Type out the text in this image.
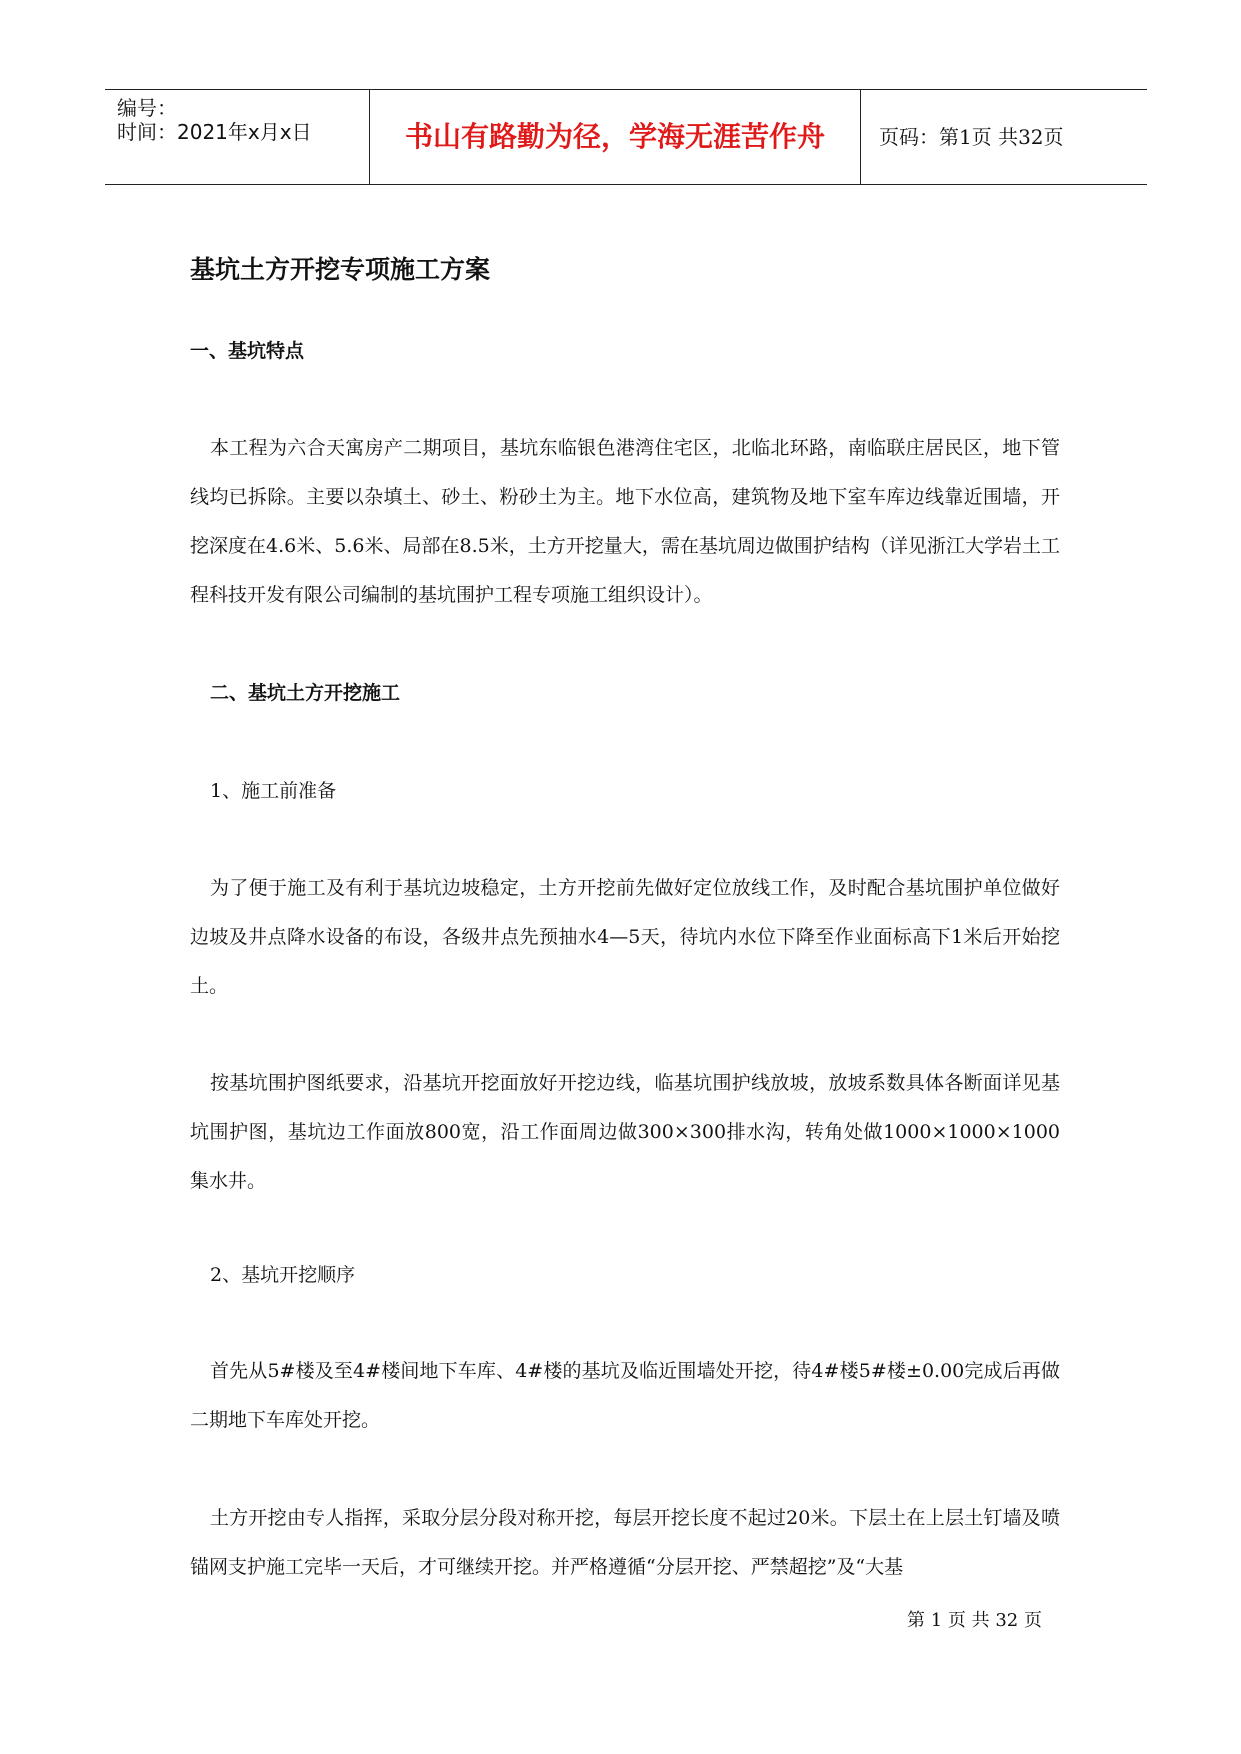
编号：
时间：2021年x月x日	书山有路勤为径，学海无涯苦作舟	页码：第1页 共32页
基坑土方开挖专项施工方案
一、基坑特点

本工程为六合天寓房产二期项目，基坑东临银色港湾住宅区，北临北环路，南临联庄居民区，地下管线均已拆除。主要以杂填土、砂土、粉砂土为主。地下水位高，建筑物及地下室车库边线靠近围墙，开挖深度在4.6米、5.6米、局部在8.5米，土方开挖量大，需在基坑周边做围护结构（详见浙江大学岩土工程科技开发有限公司编制的基坑围护工程专项施工组织设计）。

二、基坑土方开挖施工
1、施工前准备

为了便于施工及有利于基坑边坡稳定，土方开挖前先做好定位放线工作，及时配合基坑围护单位做好边坡及井点降水设备的布设，各级井点先预抽水4—5天，待坑内水位下降至作业面标高下1米后开始挖土。

按基坑围护图纸要求，沿基坑开挖面放好开挖边线，临基坑围护线放坡，放坡系数具体各断面详见基坑围护图，基坑边工作面放800宽，沿工作面周边做300×300排水沟，转角处做1000×1000×1000集水井。

2、基坑开挖顺序

首先从5#楼及至4#楼间地下车库、4#楼的基坑及临近围墙处开挖，待4#楼5#楼±0.00完成后再做二期地下车库处开挖。

土方开挖由专人指挥，采取分层分段对称开挖，每层开挖长度不起过20米。下层土在上层土钉墙及喷锚网支护施工完毕一天后，才可继续开挖。并严格遵循“分层开挖、严禁超挖”及“大基

第 1 页 共 32 页
